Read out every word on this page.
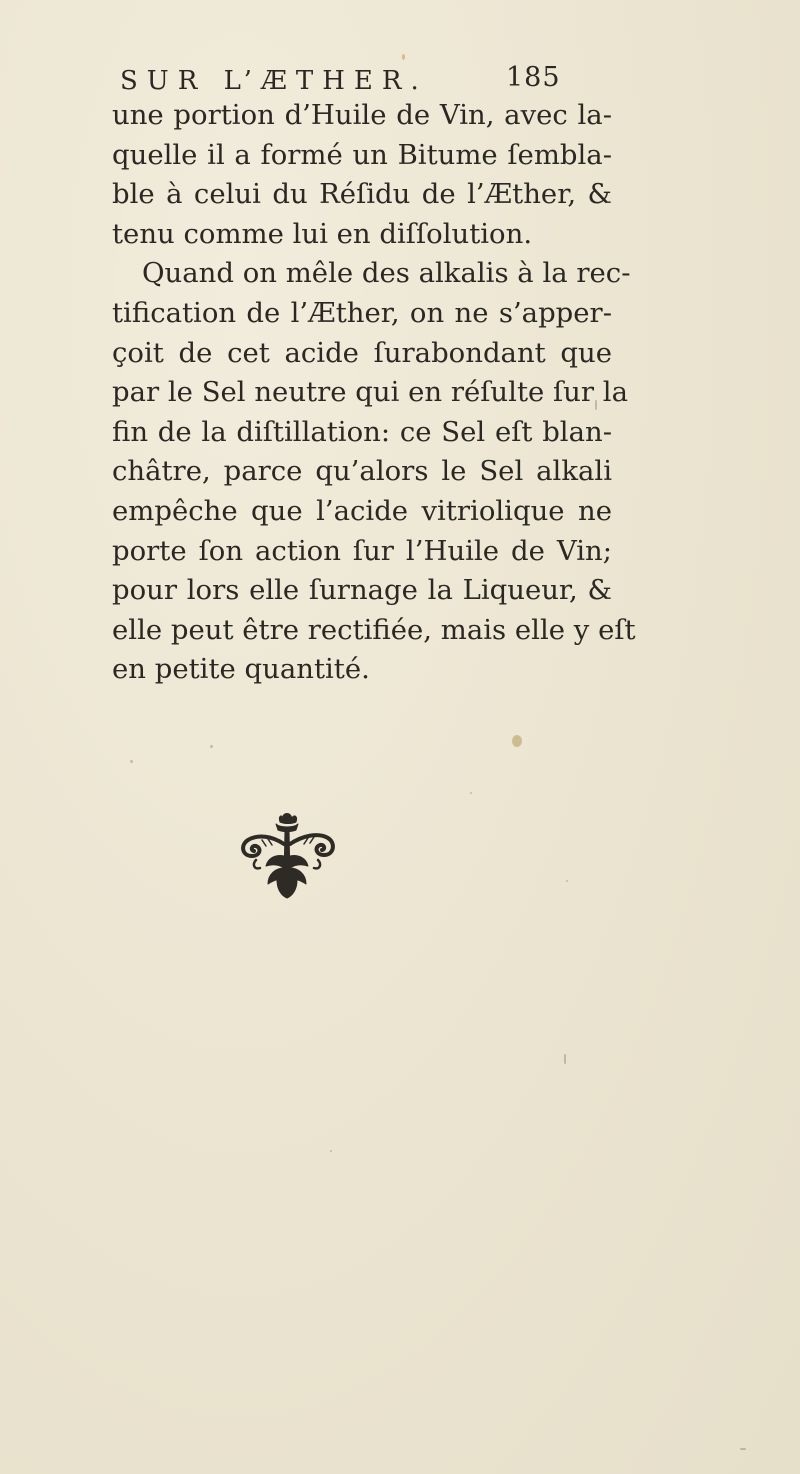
SUR L’ÆTHER.	185
une portion d’Huile de Vin, avec la-
quelle il a formé un Bitume ſembla-
ble à celui du Réſidu de l’Æther, &
tenu comme lui en diſſolution.
Quand on mêle des alkalis à la rec-
tification de l’Æther, on ne s’apper-
çoit de cet acide ſurabondant que
par le Sel neutre qui en réſulte ſur la
fin de la diſtillation: ce Sel eſt blan-
châtre, parce qu’alors le Sel alkali
empêche que l’acide vitriolique ne
porte ſon action ſur l’Huile de Vin;
pour lors elle ſurnage la Liqueur, &
elle peut être rectifiée, mais elle y eſt
en petite quantité.
